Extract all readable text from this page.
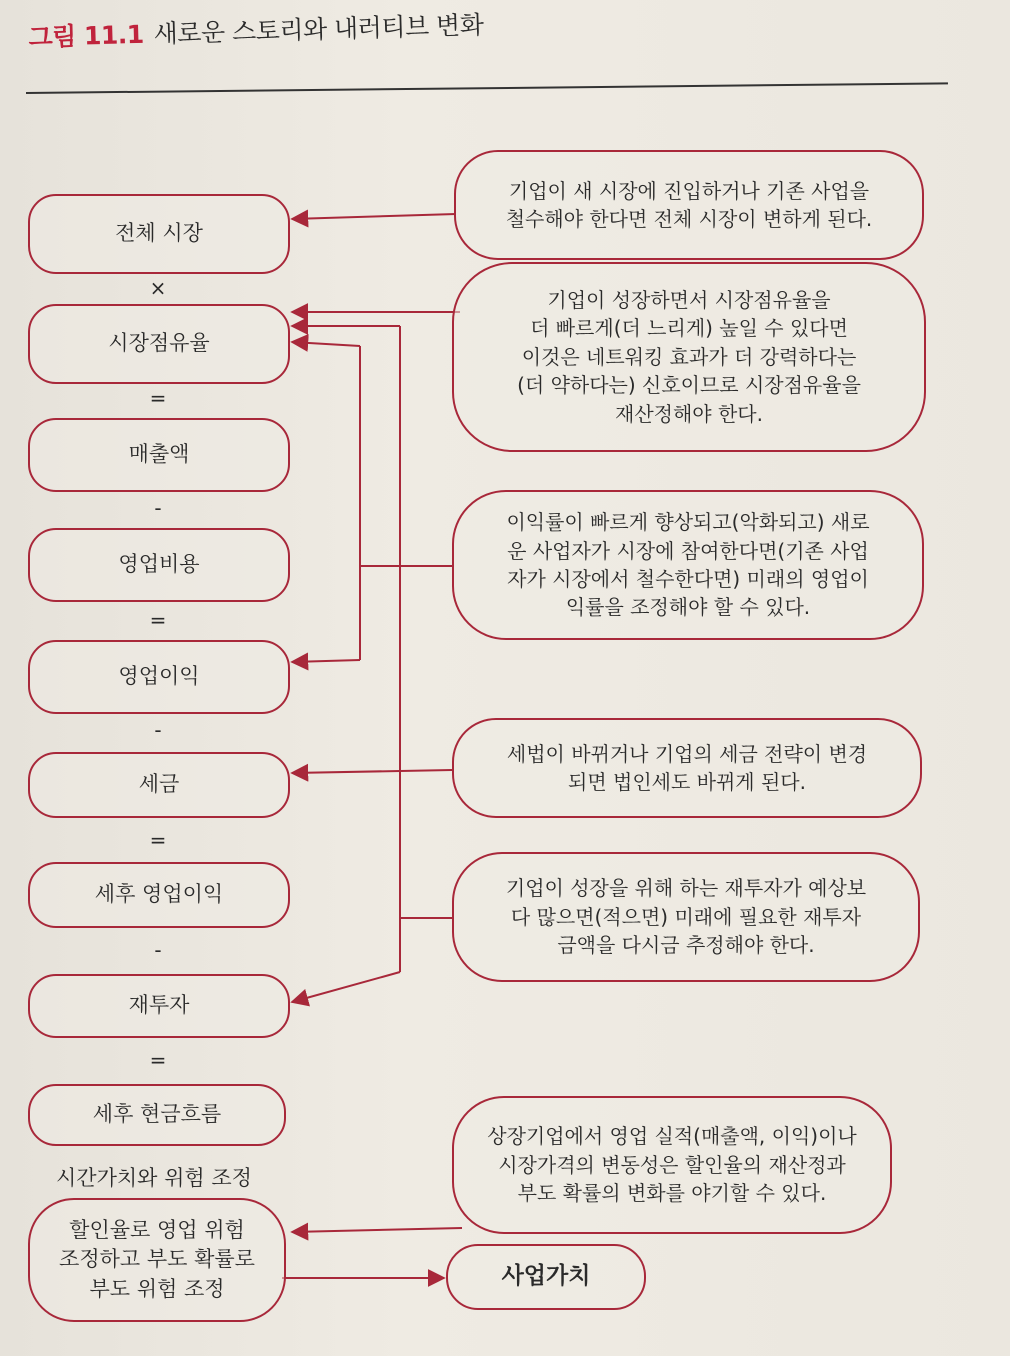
그림 11.1 새로운 스토리와 내러티브 변화
전체 시장
×
시장점유율
=
매출액
-
영업비용
=
영업이익
-
세금
=
세후 영업이익
-
재투자
=
세후 현금흐름
시간가치와 위험 조정
할인율로 영업 위험
조정하고 부도 확률로
부도 위험 조정	사업가치
기업이 새 시장에 진입하거나 기존 사업을
철수해야 한다면 전체 시장이 변하게 된다.
기업이 성장하면서 시장점유율을
더 빠르게(더 느리게) 높일 수 있다면
이것은 네트워킹 효과가 더 강력하다는
(더 약하다는) 신호이므로 시장점유율을
재산정해야 한다.
이익률이 빠르게 향상되고(악화되고) 새로
운 사업자가 시장에 참여한다면(기존 사업
자가 시장에서 철수한다면) 미래의 영업이
익률을 조정해야 할 수 있다.
세법이 바뀌거나 기업의 세금 전략이 변경
되면 법인세도 바뀌게 된다.
기업이 성장을 위해 하는 재투자가 예상보
다 많으면(적으면) 미래에 필요한 재투자
금액을 다시금 추정해야 한다.
상장기업에서 영업 실적(매출액, 이익)이나
시장가격의 변동성은 할인율의 재산정과
부도 확률의 변화를 야기할 수 있다.
